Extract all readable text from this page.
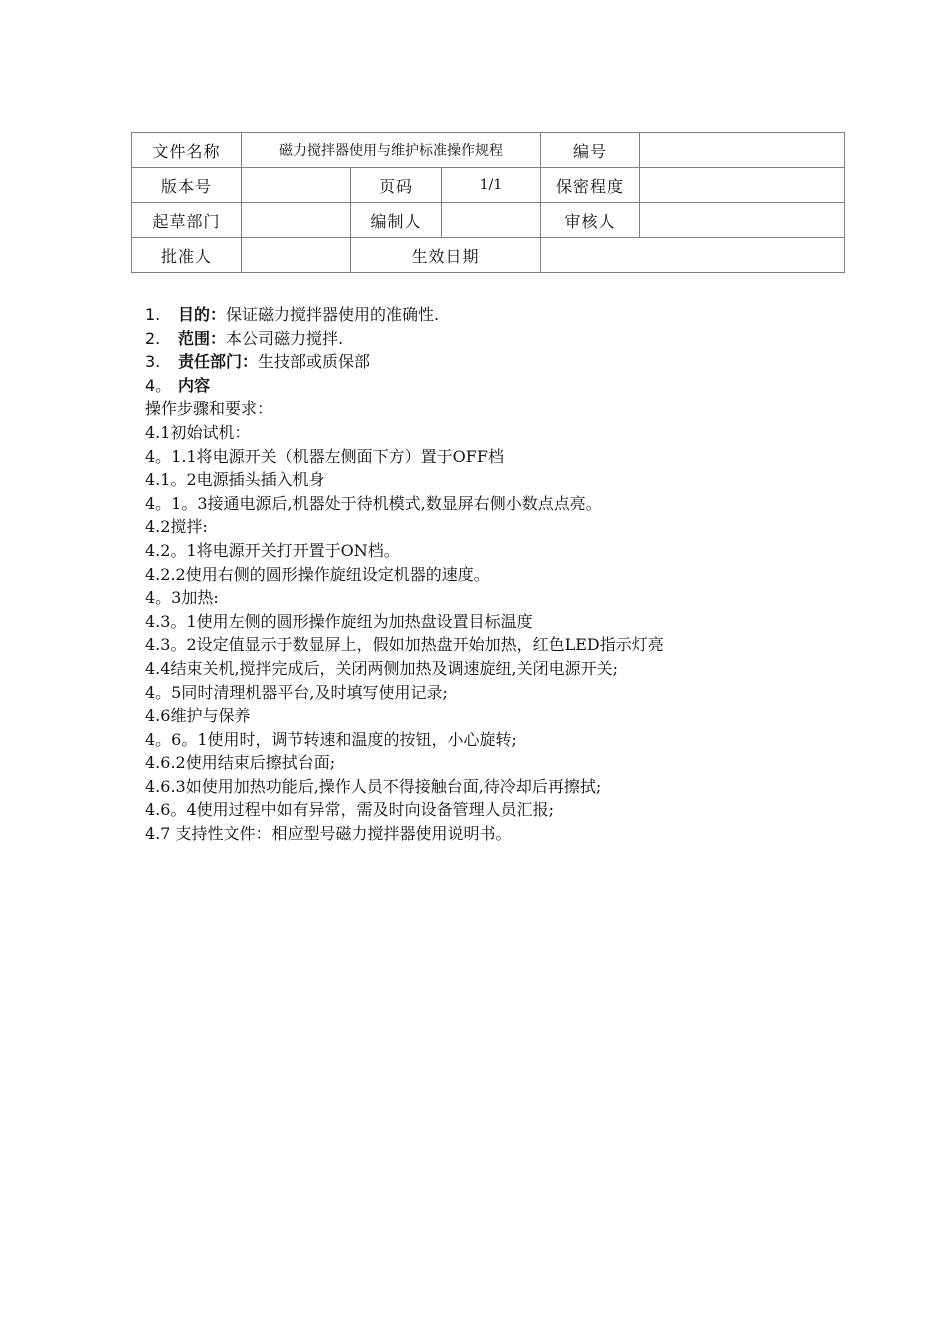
文件名称	磁力搅拌器使用与维护标准操作规程			编号	
版本号		页码	1/1	保密程度	
起草部门		编制人		审核人	
批准人		生效日期			
1. 目的：保证磁力搅拌器使用的准确性.
2. 范围：本公司磁力搅拌.
3. 责任部门：生技部或质保部
4。 内容
操作步骤和要求：
4.1初始试机：
4。1.1将电源开关（机器左侧面下方）置于OFF档
4.1。2电源插头插入机身
4。1。3接通电源后,机器处于待机模式,数显屏右侧小数点点亮。
4.2搅拌:
4.2。1将电源开关打开置于ON档。
4.2.2使用右侧的圆形操作旋纽设定机器的速度。
4。3加热:
4.3。1使用左侧的圆形操作旋纽为加热盘设置目标温度
4.3。2设定值显示于数显屏上，假如加热盘开始加热，红色LED指示灯亮
4.4结束关机,搅拌完成后，关闭两侧加热及调速旋纽,关闭电源开关;
4。5同时清理机器平台,及时填写使用记录;
4.6维护与保养
4。6。1使用时，调节转速和温度的按钮，小心旋转;
4.6.2使用结束后擦拭台面;
4.6.3如使用加热功能后,操作人员不得接触台面,待冷却后再擦拭;
4.6。4使用过程中如有异常，需及时向设备管理人员汇报;
4.7 支持性文件：相应型号磁力搅拌器使用说明书。
